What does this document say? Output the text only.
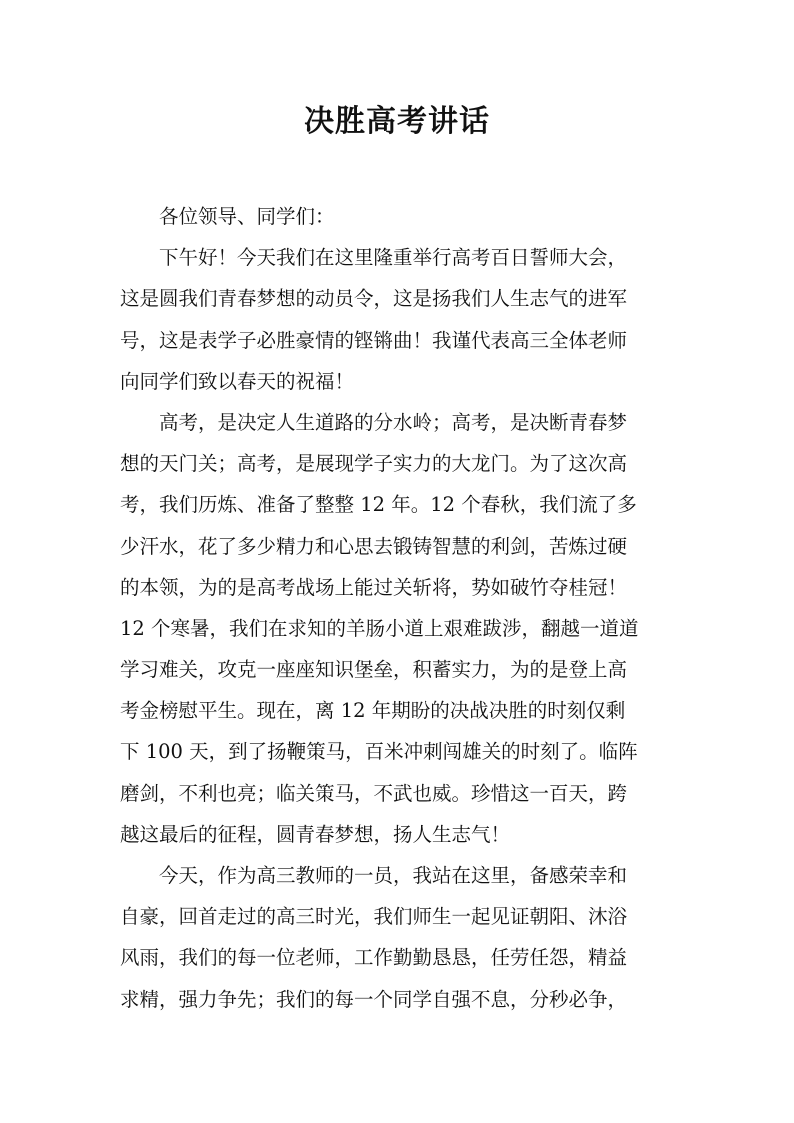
决胜高考讲话
　　各位领导、同学们：
　　下午好！今天我们在这里隆重举行高考百日誓师大会，
这是圆我们青春梦想的动员令，这是扬我们人生志气的进军
号，这是表学子必胜豪情的铿锵曲！我谨代表高三全体老师
向同学们致以春天的祝福！
　　高考，是决定人生道路的分水岭；高考，是决断青春梦
想的天门关；高考，是展现学子实力的大龙门。为了这次高
考，我们历炼、准备了整整 12 年。12 个春秋，我们流了多
少汗水，花了多少精力和心思去锻铸智慧的利剑，苦炼过硬
的本领，为的是高考战场上能过关斩将，势如破竹夺桂冠！
12 个寒暑，我们在求知的羊肠小道上艰难跋涉，翻越一道道
学习难关，攻克一座座知识堡垒，积蓄实力，为的是登上高
考金榜慰平生。现在，离 12 年期盼的决战决胜的时刻仅剩
下 100 天，到了扬鞭策马，百米冲刺闯雄关的时刻了。临阵
磨剑，不利也亮；临关策马，不武也威。珍惜这一百天，跨
越这最后的征程，圆青春梦想，扬人生志气！
　　今天，作为高三教师的一员，我站在这里，备感荣幸和
自豪，回首走过的高三时光，我们师生一起见证朝阳、沐浴
风雨，我们的每一位老师，工作勤勤恳恳，任劳任怨，精益
求精，强力争先；我们的每一个同学自强不息，分秒必争，
